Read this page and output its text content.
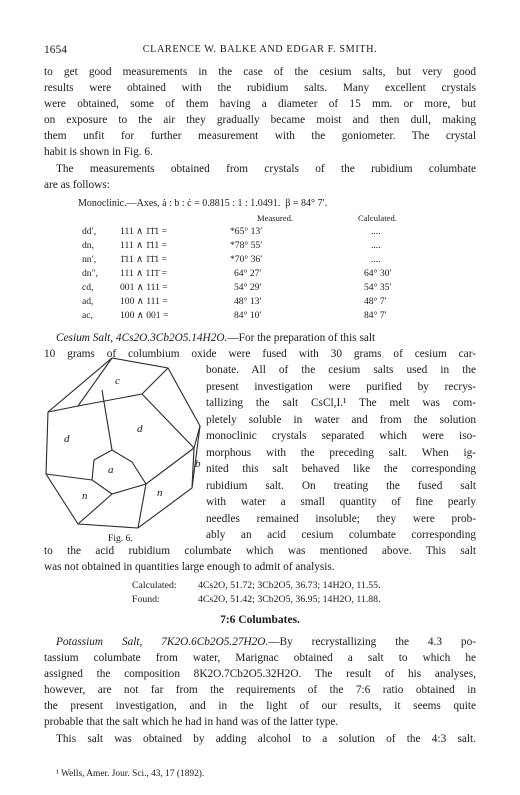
1654	CLARENCE W. BALKE AND EDGAR F. SMITH.
to get good measurements in the case of the cesium salts, but very good
results were obtained with the rubidium salts. Many excellent crystals
were obtained, some of them having a diameter of 15 mm. or more, but
on exposure to the air they gradually became moist and then dull, making
them unfit for further measurement with the goniometer. The crystal
habit is shown in Fig. 6.
The measurements obtained from crystals of the rubidium columbate
are as follows:
Monoclinic.—Axes, ȧ : b : ċ = 0.8815 : 1 : 1.0491. β = 84° 7′.
Measured.	Calculated.
dd′, 111 ∧ 1̄1̄1 =	*65° 13′	....
dn,	111 ∧ 1̄11 =	*78° 55′	....
nn′, 1̄11 ∧ 1̄1̄1 =	*70° 36′	....
dn″, 111 ∧ 11̄1̄ =	64° 27′	64° 30′
cd,	001 ∧ 111 =	54° 29′	54° 35′
ad,	100 ∧ 111 =	48° 13′	48° 7′
ac,	100 ∧ 001 =	84° 10′	84° 7′
Cesium Salt, 4Cs2O.3Cb2O5.14H2O.—For the preparation of this salt
10 grams of columbium oxide were fused with 30 grams of cesium car-
bonate. All of the cesium salts used in the
present investigation were purified by recrys-
tallizing the salt CsCl,I.¹ The melt was com-
pletely soluble in water and from the solution
monoclinic crystals separated which were iso-
morphous with the preceding salt. When ig-
nited this salt behaved like the corresponding
rubidium salt. On treating the fused salt
with water a small quantity of fine pearly
needles remained insoluble; they were prob-
ably an acid cesium columbate corresponding
c
d
d
b
a
n	n
Fig. 6.
to the acid rubidium columbate which was mentioned above. This salt
was not obtained in quantities large enough to admit of analysis.
Calculated: 4Cs2O, 51.72; 3Cb2O5, 36.73; 14H2O, 11.55.
Found:	4Cs2O, 51.42; 3Cb2O5, 36.95; 14H2O, 11.88.
7:6 Columbates.
Potassium Salt, 7K2O.6Cb2O5.27H2O.—By recrystallizing the 4.3 po-
tassium columbate from water, Marignac obtained a salt to which he
assigned the composition 8K2O.7Cb2O5.32H2O. The result of his analyses,
however, are not far from the requirements of the 7:6 ratio obtained in
the present investigation, and in the light of our results, it seems quite
probable that the salt which he had in hand was of the latter type.
This salt was obtained by adding alcohol to a solution of the 4:3 salt.
¹ Wells, Amer. Jour. Sci., 43, 17 (1892).
